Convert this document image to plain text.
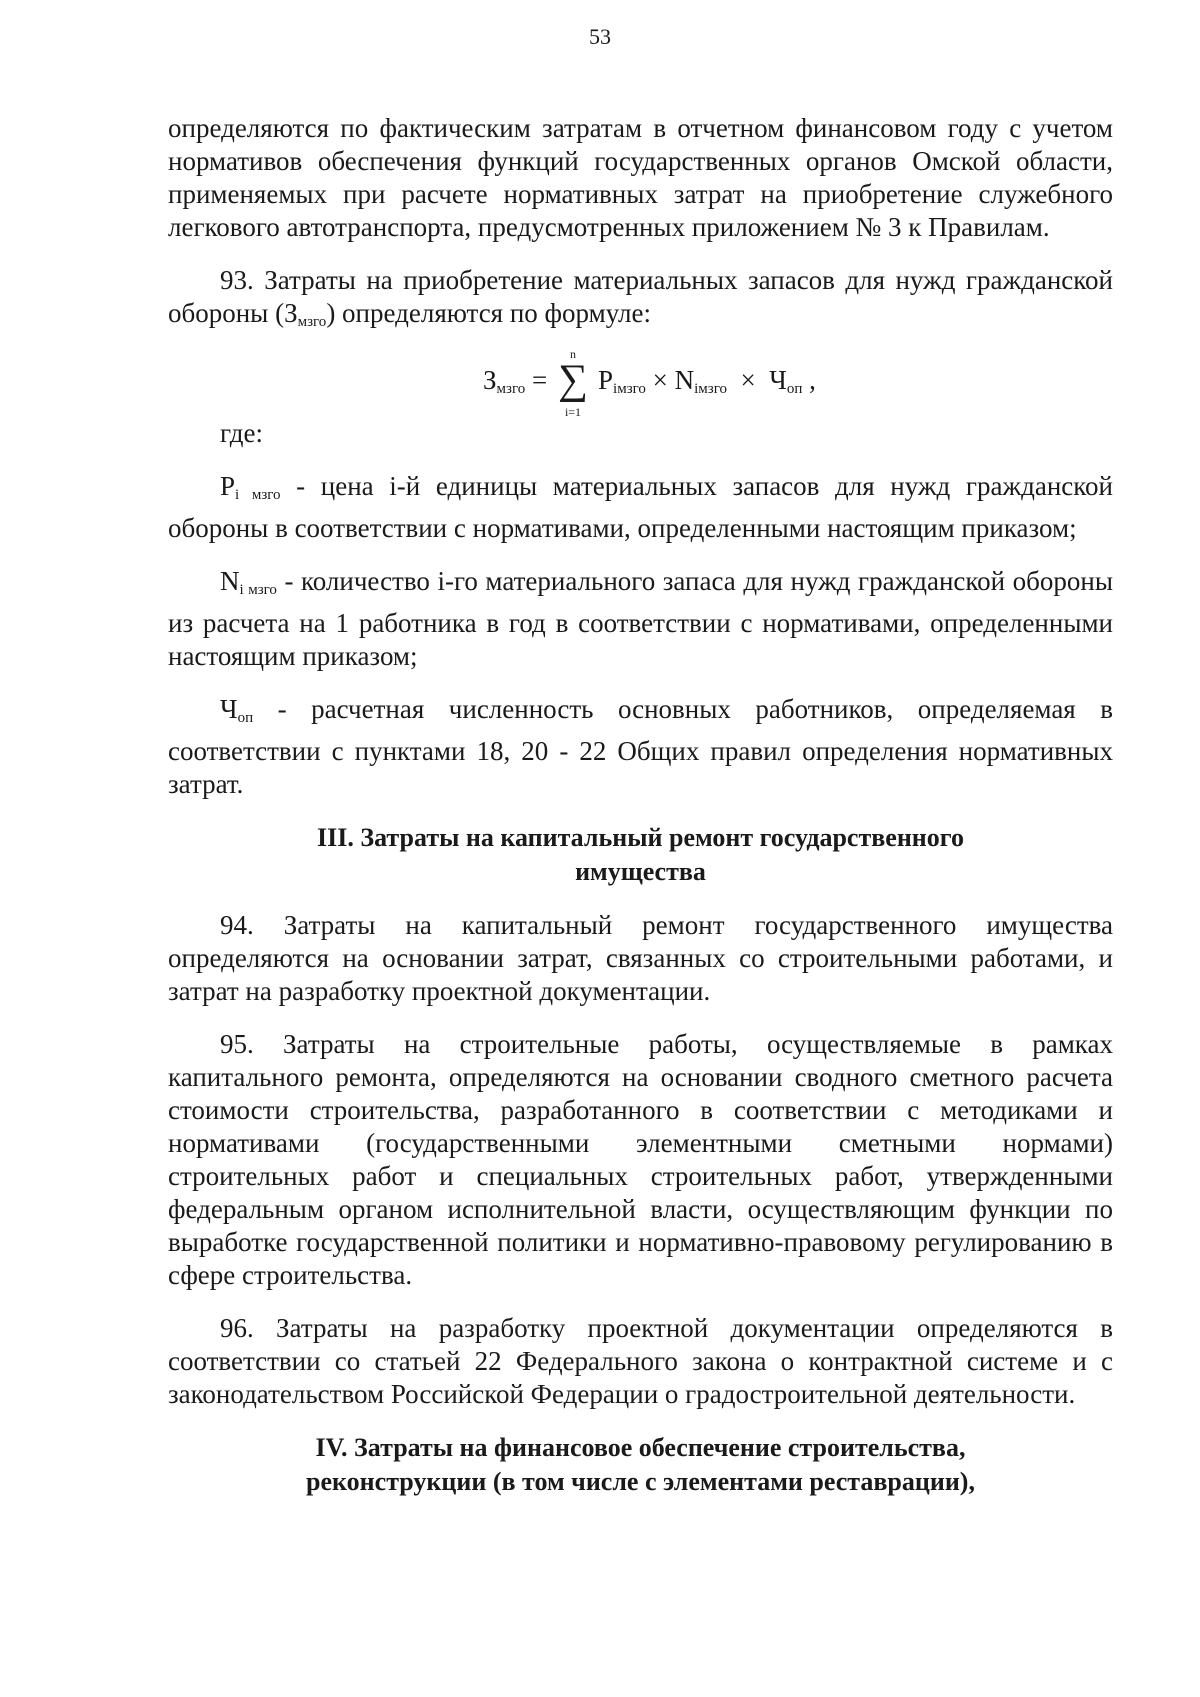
53

определяются по фактическим затратам в отчетном финансовом году с учетом нормативов обеспечения функций государственных органов Омской области, применяемых при расчете нормативных затрат на приобретение служебного легкового автотранспорта, предусмотренных приложением № 3 к Правилам.

93. Затраты на приобретение материальных запасов для нужд гражданской обороны $(З_{мзго})$ определяются по формуле:

$З_{мзго}$ =
n
∑
i=1
$P_{iмзго} \times N_{iмзго} \times Ч_{оп}$ ,

где:

$P_{i мзго}$ - цена i-й единицы материальных запасов для нужд гражданской обороны в соответствии с нормативами, определенными настоящим приказом;

$N_{i мзго}$ - количество i-го материального запаса для нужд гражданской обороны из расчета на 1 работника в год в соответствии с нормативами, определенными настоящим приказом;

$Ч_{оп}$ - расчетная численность основных работников, определяемая в соответствии с пунктами 18, 20 - 22 Общих правил определения нормативных затрат.

III. Затраты на капитальный ремонт государственного

имущества

94. Затраты на капитальный ремонт государственного имущества определяются на основании затрат, связанных со строительными работами, и затрат на разработку проектной документации.

95. Затраты на строительные работы, осуществляемые в рамках капитального ремонта, определяются на основании сводного сметного расчета стоимости строительства, разработанного в соответствии с методиками и нормативами (государственными элементными сметными нормами) строительных работ и специальных строительных работ, утвержденными федеральным органом исполнительной власти, осуществляющим функции по выработке государственной политики и нормативно-правовому регулированию в сфере строительства.

96. Затраты на разработку проектной документации определяются в соответствии со статьей 22 Федерального закона о контрактной системе и с законодательством Российской Федерации о градостроительной деятельности.

IV. Затраты на финансовое обеспечение строительства,

реконструкции (в том числе с элементами реставрации),
